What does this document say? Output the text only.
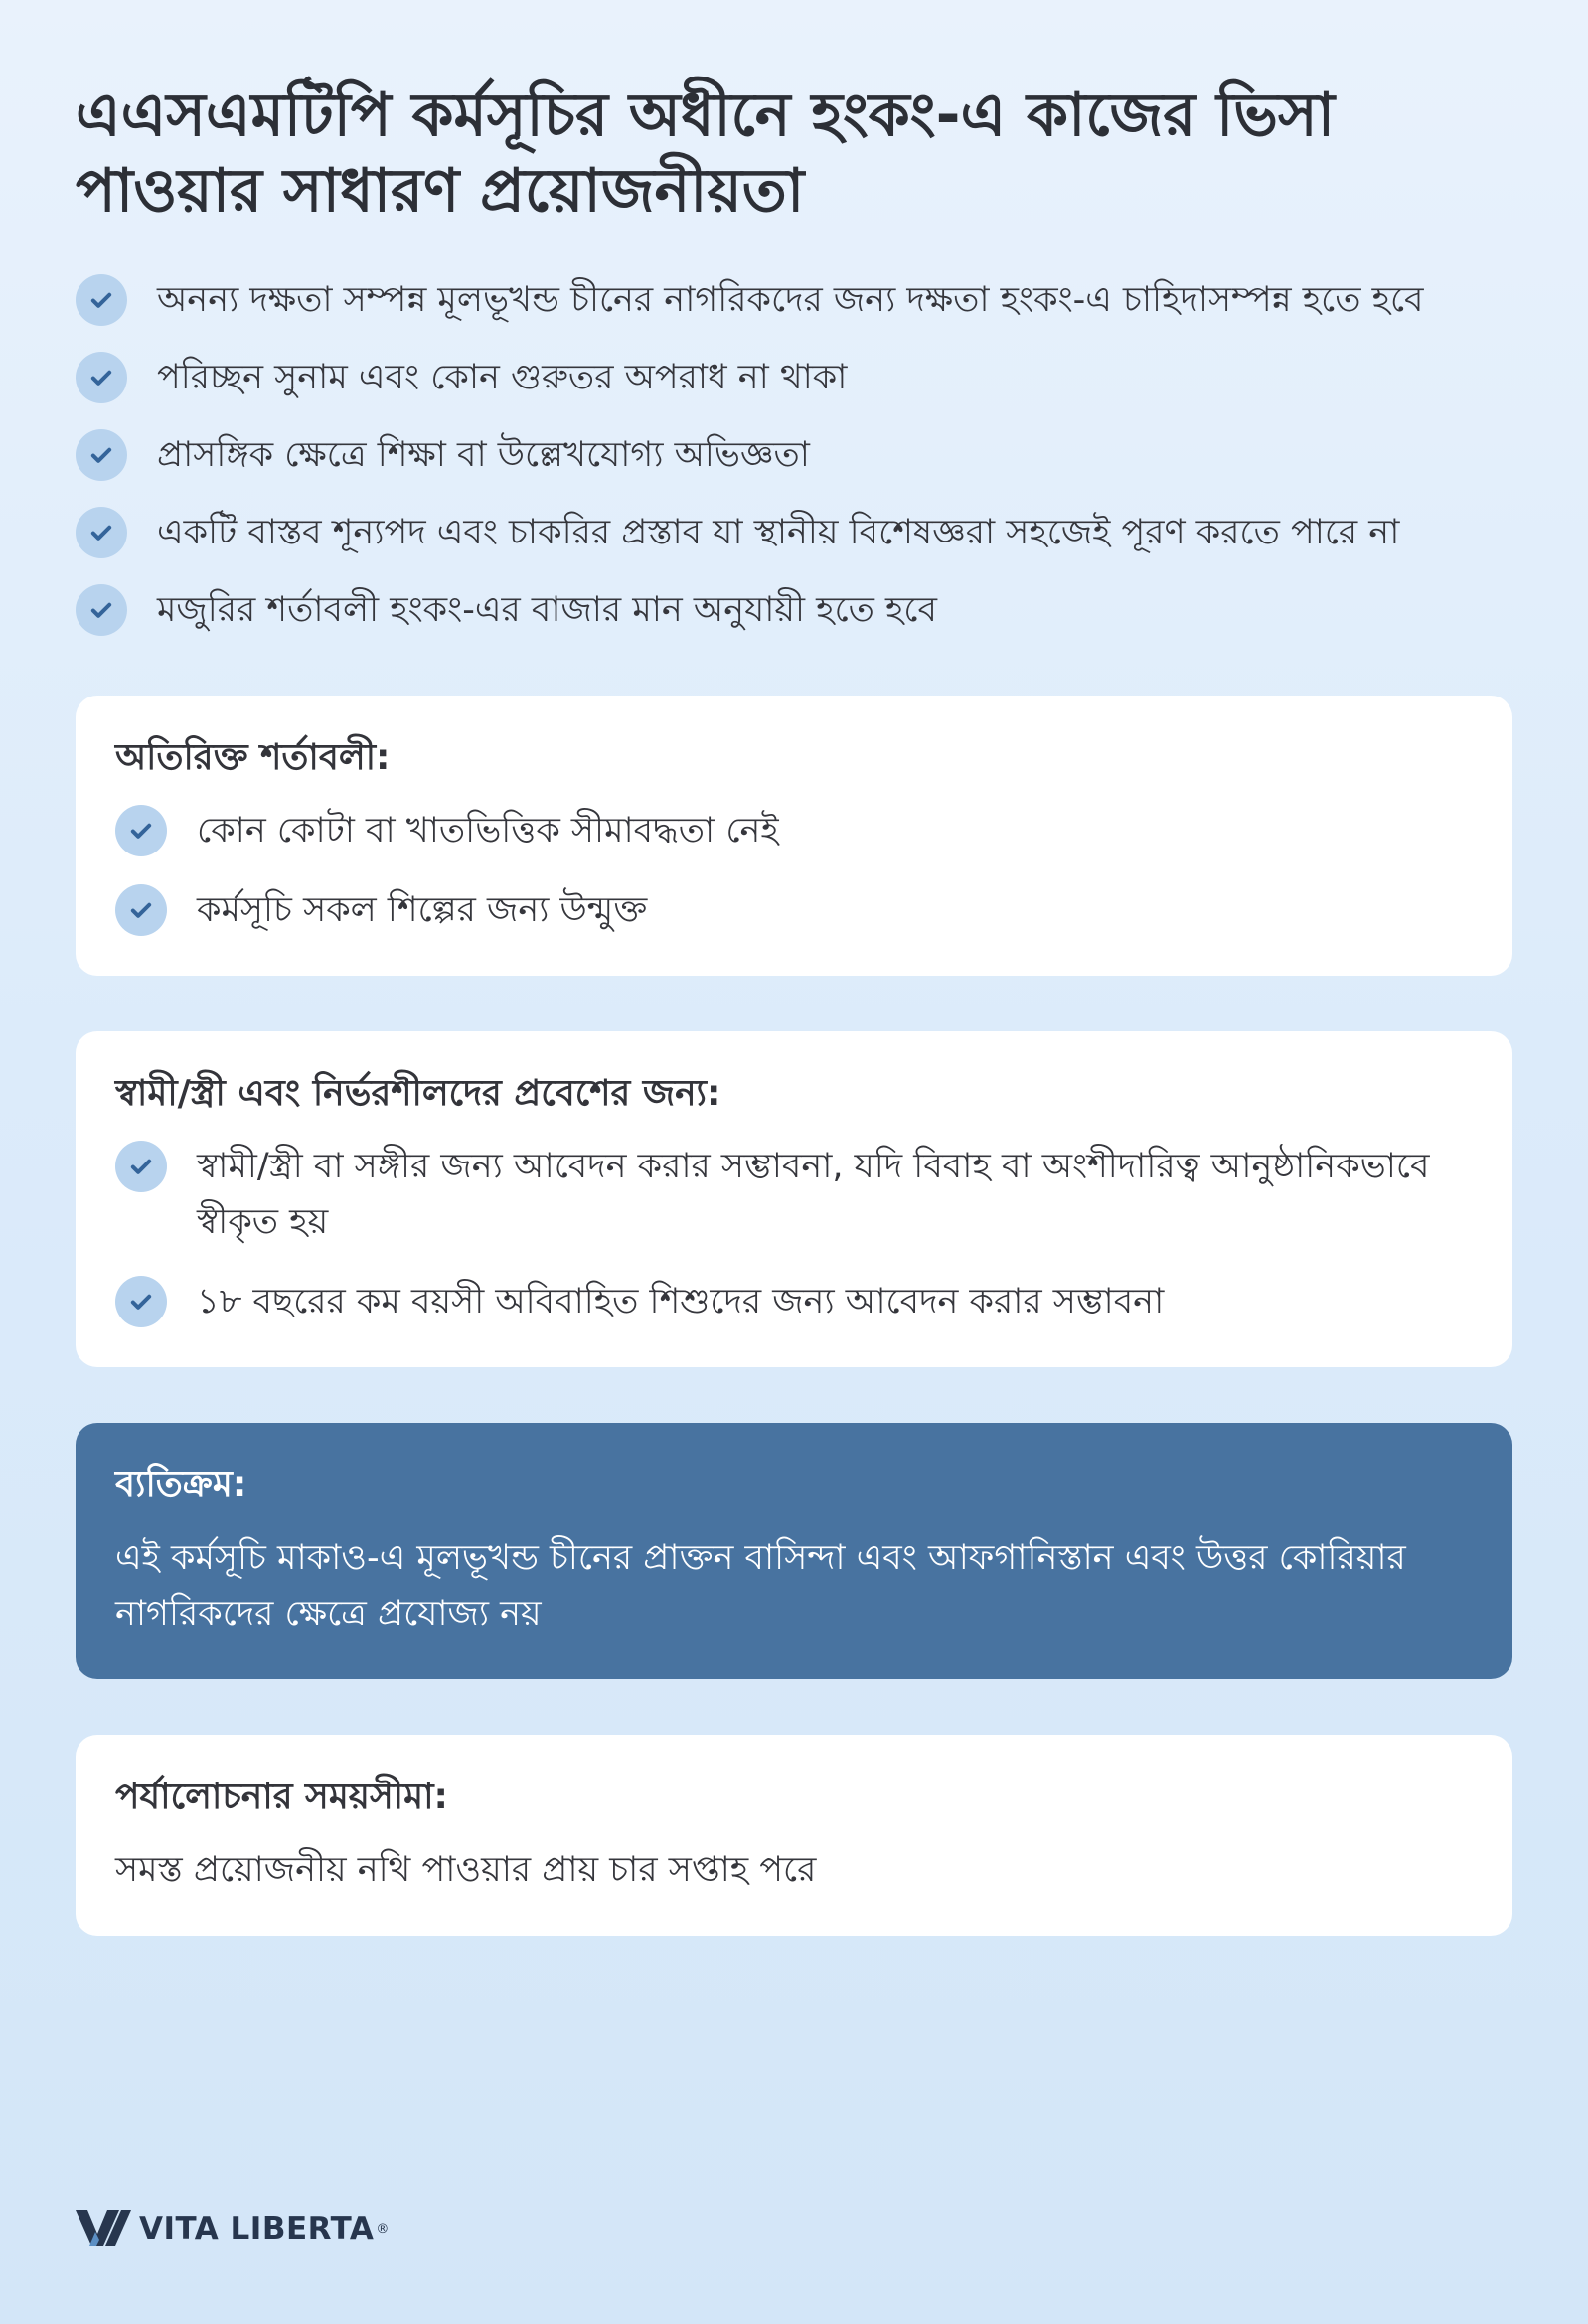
এএসএমটিপি কর্মসূচির অধীনে হংকং-এ কাজের ভিসা পাওয়ার সাধারণ প্রয়োজনীয়তা
অনন্য দক্ষতা সম্পন্ন মূলভূখন্ড চীনের নাগরিকদের জন্য দক্ষতা হংকং-এ চাহিদাসম্পন্ন হতে হবে
পরিচ্ছন সুনাম এবং কোন গুরুতর অপরাধ না থাকা
প্রাসঙ্গিক ক্ষেত্রে শিক্ষা বা উল্লেখযোগ্য অভিজ্ঞতা
একটি বাস্তব শূন্যপদ এবং চাকরির প্রস্তাব যা স্থানীয় বিশেষজ্ঞরা সহজেই পূরণ করতে পারে না
মজুরির শর্তাবলী হংকং-এর বাজার মান অনুযায়ী হতে হবে
অতিরিক্ত শর্তাবলী:
কোন কোটা বা খাতভিত্তিক সীমাবদ্ধতা নেই
কর্মসূচি সকল শিল্পের জন্য উন্মুক্ত
স্বামী/স্ত্রী এবং নির্ভরশীলদের প্রবেশের জন্য:
স্বামী/স্ত্রী বা সঙ্গীর জন্য আবেদন করার সম্ভাবনা, যদি বিবাহ বা অংশীদারিত্ব আনুষ্ঠানিকভাবে স্বীকৃত হয়
১৮ বছরের কম বয়সী অবিবাহিত শিশুদের জন্য আবেদন করার সম্ভাবনা
ব্যতিক্রম:

এই কর্মসূচি মাকাও-এ মূলভূখন্ড চীনের প্রাক্তন বাসিন্দা এবং আফগানিস্তান এবং উত্তর কোরিয়ার নাগরিকদের ক্ষেত্রে প্রযোজ্য নয়

পর্যালোচনার সময়সীমা:

সমস্ত প্রয়োজনীয় নথি পাওয়ার প্রায় চার সপ্তাহ পরে

VITA LIBERTA ®
